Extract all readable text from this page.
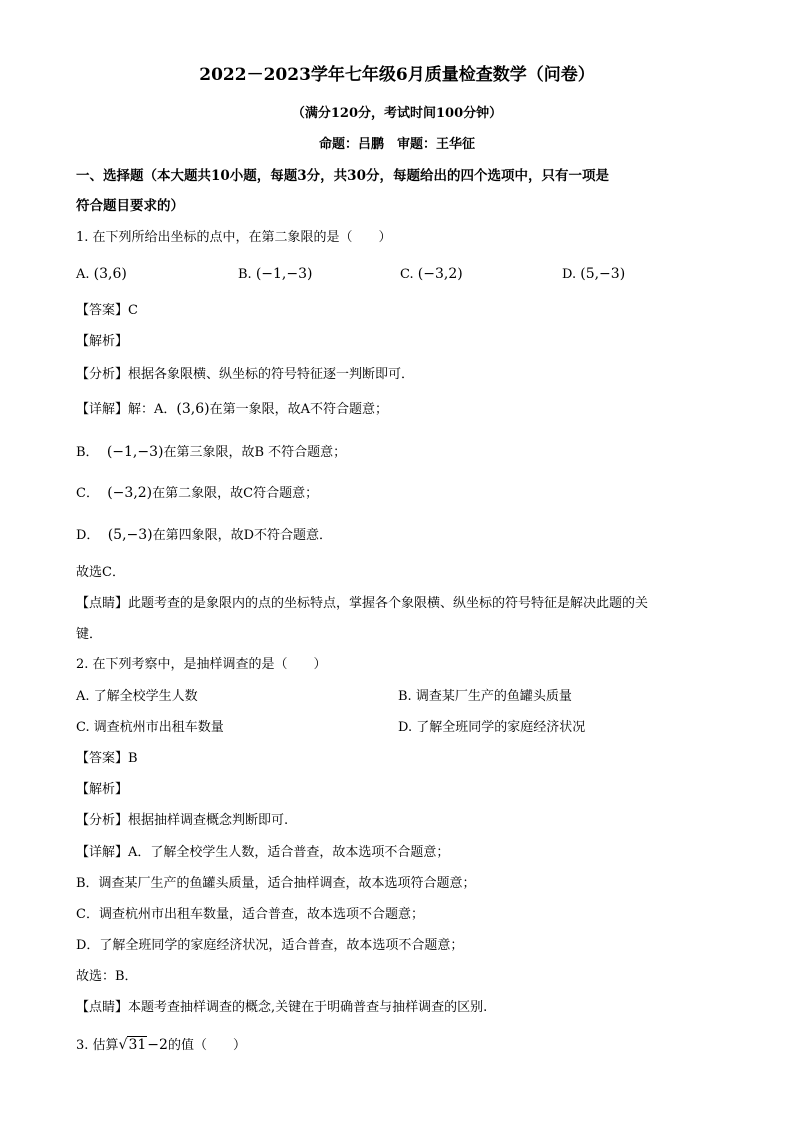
2022－2023学年七年级6月质量检查数学（问卷）
（满分120分，考试时间100分钟）
命题：吕鹏　审题：王华征
一、选择题（本大题共10小题，每题3分，共30分，每题给出的四个选项中，只有一项是
符合题目要求的）
1. 在下列所给出坐标的点中，在第二象限的是（　　）
A. (3,6)	B. (−1,−3)	C. (−3,2)	D. (5,−3)
【答案】C
【解析】
【分析】根据各象限横、纵坐标的符号特征逐一判断即可．
【详解】解：A．(3,6)在第一象限，故A不符合题意；
B． (−1,−3)在第三象限，故B 不符合题意；
C． (−3,2)在第二象限，故C符合题意；
D． (5,−3)在第四象限，故D不符合题意．
故选C．
【点睛】此题考查的是象限内的点的坐标特点，掌握各个象限横、纵坐标的符号特征是解决此题的关
键．
2. 在下列考察中，是抽样调查的是（　　）
A. 了解全校学生人数	B. 调查某厂生产的鱼罐头质量
C. 调查杭州市出租车数量	D. 了解全班同学的家庭经济状况
【答案】B
【解析】
【分析】根据抽样调查概念判断即可.
【详解】A．了解全校学生人数，适合普查，故本选项不合题意；
B．调查某厂生产的鱼罐头质量，适合抽样调查，故本选项符合题意；
C．调查杭州市出租车数量，适合普查，故本选项不合题意；
D．了解全班同学的家庭经济状况，适合普查，故本选项不合题意；
故选：B．
【点睛】本题考查抽样调查的概念,关键在于明确普查与抽样调查的区别.
3. 估算√31−2的值（　　）
